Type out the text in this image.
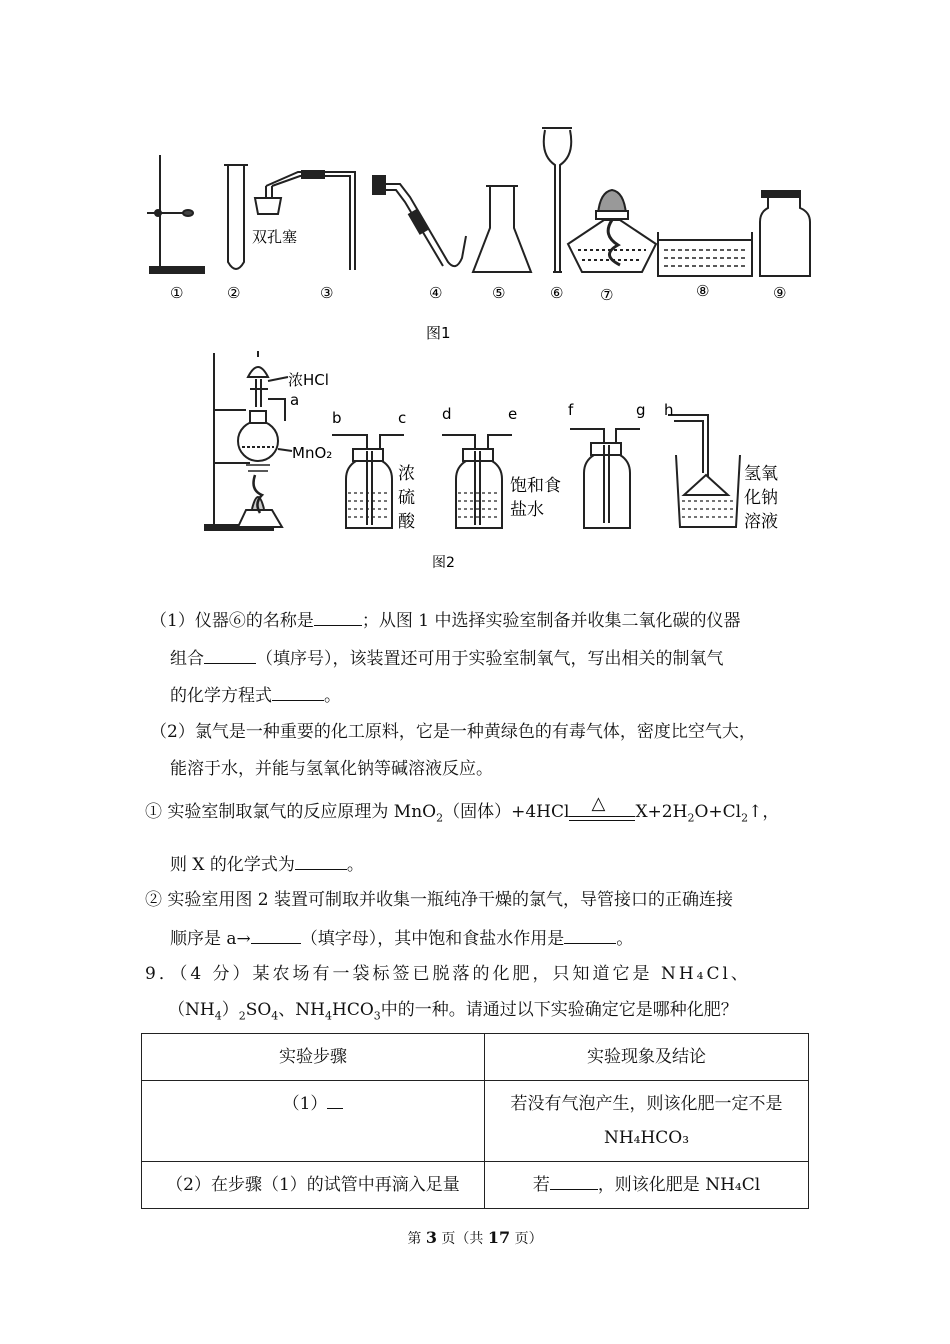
双孔塞
①	②	③	④	⑤	⑥ ⑦	⑧	⑨
图1
浓HCl
a
MnO₂
b	c d	e	f	g h
浓
硫
酸
饱和食
盐水
氢氧
化钠
溶液
图2
（1）仪器⑥的名称是	；从图 1 中选择实验室制备并收集二氧化碳的仪器
组合	（填序号），该装置还可用于实验室制氧气，写出相关的制氧气
的化学方程式	。
（2）氯气是一种重要的化工原料，它是一种黄绿色的有毒气体，密度比空气大，
能溶于水，并能与氢氧化钠等碱溶液反应。
① 实验室制取氯气的反应原理为 MnO$_2$（固体）+4HCl △ $X+2H_2O+Cl_2↑$，
则 X 的化学式为	。
② 实验室用图 2 装置可制取并收集一瓶纯净干燥的氯气，导管接口的正确连接
顺序是 a→	（填字母），其中饱和食盐水作用是	。
9．（4 分）某农场有一袋标签已脱落的化肥，只知道它是 NH₄Cl、
$(NH_4)_2SO_4$、$NH_4HCO_3$中的一种。请通过以下实验确定它是哪种化肥？
实验步骤	实验现象及结论
（1）	若没有气泡产生，则该化肥一定不是
NH₄HCO₃

（2）在步骤（1）的试管中再滴入足量	若 ，则该化肥是 NH₄Cl
第 3 页（共 17 页）
